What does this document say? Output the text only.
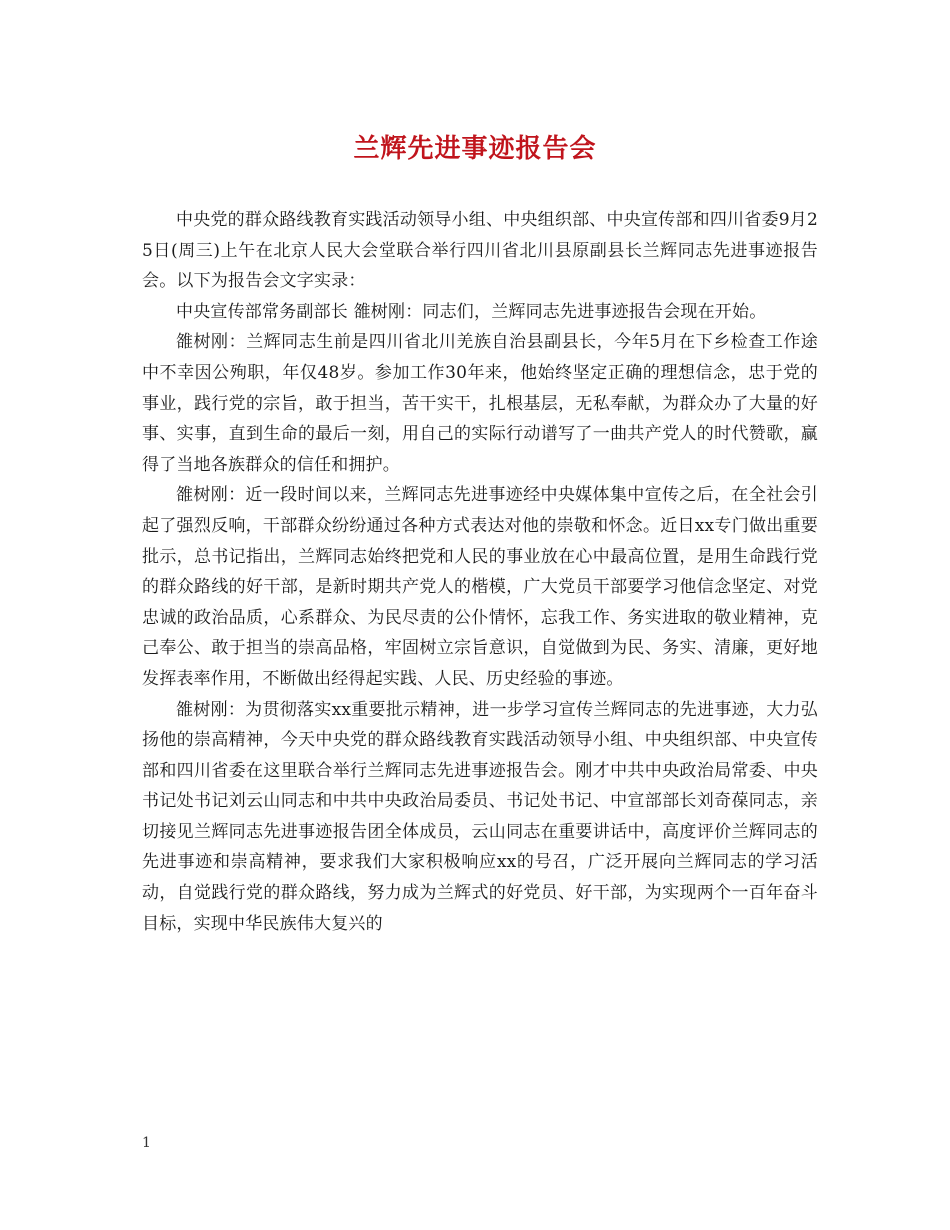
兰辉先进事迹报告会

中央党的群众路线教育实践活动领导小组、中央组织部、中央宣传部和四川省委9月25日(周三)上午在北京人民大会堂联合举行四川省北川县原副县长兰辉同志先进事迹报告会。以下为报告会文字实录：

中央宣传部常务副部长 雒树刚：同志们，兰辉同志先进事迹报告会现在开始。

雒树刚：兰辉同志生前是四川省北川羌族自治县副县长，今年5月在下乡检查工作途中不幸因公殉职，年仅48岁。参加工作30年来，他始终坚定正确的理想信念，忠于党的事业，践行党的宗旨，敢于担当，苦干实干，扎根基层，无私奉献，为群众办了大量的好事、实事，直到生命的最后一刻，用自己的实际行动谱写了一曲共产党人的时代赞歌，赢得了当地各族群众的信任和拥护。

雒树刚：近一段时间以来，兰辉同志先进事迹经中央媒体集中宣传之后，在全社会引起了强烈反响，干部群众纷纷通过各种方式表达对他的崇敬和怀念。近日xx专门做出重要批示，总书记指出，兰辉同志始终把党和人民的事业放在心中最高位置，是用生命践行党的群众路线的好干部，是新时期共产党人的楷模，广大党员干部要学习他信念坚定、对党忠诚的政治品质，心系群众、为民尽责的公仆情怀，忘我工作、务实进取的敬业精神，克己奉公、敢于担当的崇高品格，牢固树立宗旨意识，自觉做到为民、务实、清廉，更好地发挥表率作用，不断做出经得起实践、人民、历史经验的事迹。

雒树刚：为贯彻落实xx重要批示精神，进一步学习宣传兰辉同志的先进事迹，大力弘扬他的崇高精神，今天中央党的群众路线教育实践活动领导小组、中央组织部、中央宣传部和四川省委在这里联合举行兰辉同志先进事迹报告会。刚才中共中央政治局常委、中央书记处书记刘云山同志和中共中央政治局委员、书记处书记、中宣部部长刘奇葆同志，亲切接见兰辉同志先进事迹报告团全体成员，云山同志在重要讲话中，高度评价兰辉同志的先进事迹和崇高精神，要求我们大家积极响应xx的号召，广泛开展向兰辉同志的学习活动，自觉践行党的群众路线，努力成为兰辉式的好党员、好干部，为实现两个一百年奋斗目标，实现中华民族伟大复兴的

1
